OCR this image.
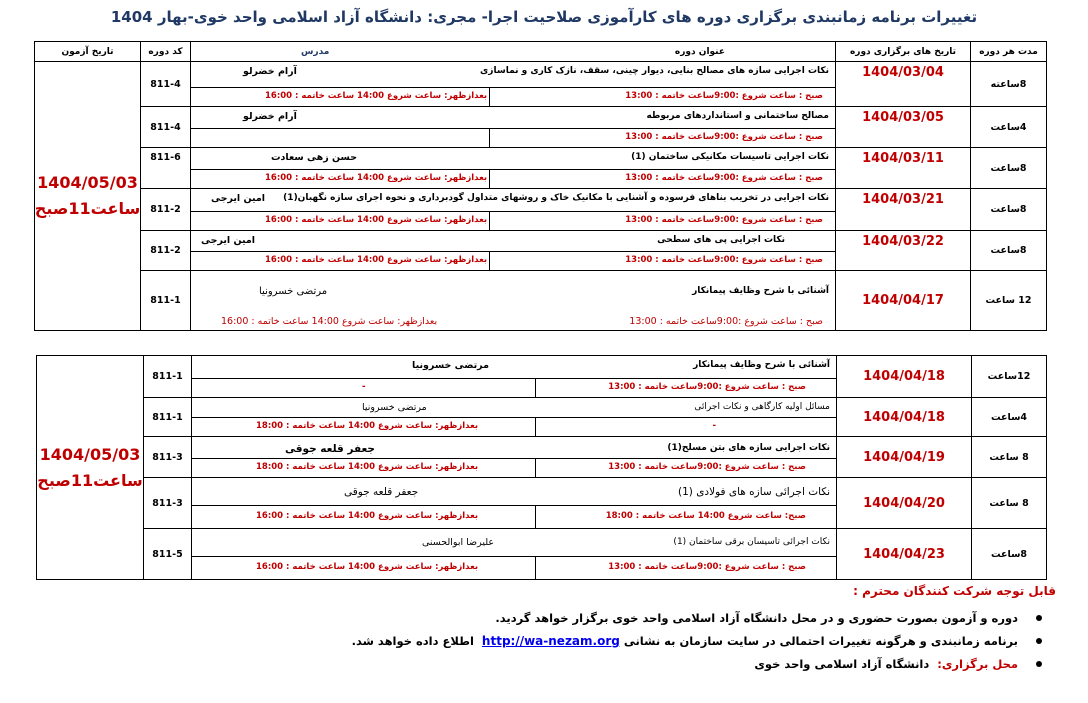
تغییرات برنامه زمانبندی برگزاری دوره های کارآموزی صلاحیت اجرا- مجری: دانشگاه آزاد اسلامی واحد خوی-بهار 1404
مدت هر دوره
تاریخ های برگزاری دوره
عنوان دوره
مدرس
کد دوره
تاریخ آزمون
1404/05/03
ساعت11صبح
8ساعته
1404/03/04
نکات اجرایی سازه های مصالح بنایی، دیوار چینی، سقف، نازک کاری و نماسازی
آرام خضرلو
صبح : ساعت شروع :9:00ساعت خاتمه : 13:00
بعدازظهر: ساعت شروع 14:00 ساعت خاتمه : 16:00
811-4
4ساعت
1404/03/05
مصالح ساختمانی و استانداردهای مربوطه
آرام خضرلو
صبح : ساعت شروع :9:00ساعت خاتمه : 13:00
811-4
8ساعت
1404/03/11
نکات اجرایی تاسیسات مکانیکی ساختمان (1)
حسن زهی سعادت
صبح : ساعت شروع :9:00ساعت خاتمه : 13:00
بعدازظهر: ساعت شروع 14:00 ساعت خاتمه : 16:00
811-6
8ساعت
1404/03/21
نکات اجرایی در تخریب بناهای فرسوده و آشنایی با مکانیک خاک و روشهای متداول گودبرداری و نحوه اجرای سازه نگهبان(1)
امین ایرجی
صبح : ساعت شروع :9:00ساعت خاتمه : 13:00
بعدازظهر: ساعت شروع 14:00 ساعت خاتمه : 16:00
811-2
8ساعت
1404/03/22
نکات اجرایی پی های سطحی
امین ایرجی
صبح : ساعت شروع :9:00ساعت خاتمه : 13:00
بعدازظهر: ساعت شروع 14:00 ساعت خاتمه : 16:00
811-2
12 ساعت
1404/04/17
آشنائی با شرح وظایف پیمانکار
مرتضی خسرونیا
صبح : ساعت شروع :9:00ساعت خاتمه : 13:00
بعدازظهر: ساعت شروع 14:00 ساعت خاتمه : 16:00
811-1
1404/05/03
ساعت11صبح
12ساعت
1404/04/18
آشنائی با شرح وظایف پیمانکار
مرتضی خسرونیا
صبح : ساعت شروع :9:00ساعت خاتمه : 13:00
-
811-1
4ساعت
1404/04/18
مسائل اولیه کارگاهی و نکات اجرائی
مرتضی خسرونیا
-
بعدازظهر: ساعت شروع 14:00 ساعت خاتمه : 18:00
811-1
8 ساعت
1404/04/19
نکات اجرایی سازه های بتن مسلح(1)
جعفر قلعه جوقی
صبح : ساعت شروع :9:00ساعت خاتمه : 13:00
بعدازظهر: ساعت شروع 14:00 ساعت خاتمه : 18:00
811-3
8 ساعت
1404/04/20
نکات اجرائی سازه های فولادی (1)
جعفر قلعه جوقی
صبح: ساعت شروع 14:00 ساعت خاتمه : 18:00
بعدازظهر: ساعت شروع 14:00 ساعت خاتمه : 16:00
811-3
8ساعت
1404/04/23
نکات اجرائی تاسیسان برقی ساختمان (1)
علیرضا ابوالحسنی
صبح : ساعت شروع :9:00ساعت خاتمه : 13:00
بعدازظهر: ساعت شروع 14:00 ساعت خاتمه : 16:00
811-5
قابل توجه شرکت کنندگان محترم :
دوره و آزمون بصورت حضوری و در محل دانشگاه آزاد اسلامی واحد خوی برگزار خواهد گردید.
برنامه زمانبندی و هرگونه تغییرات احتمالی در سایت سازمان به نشانی

http://wa-nezam.org

اطلاع داده خواهد شد.
محل برگزاری:

دانشگاه آزاد اسلامی واحد خوی
